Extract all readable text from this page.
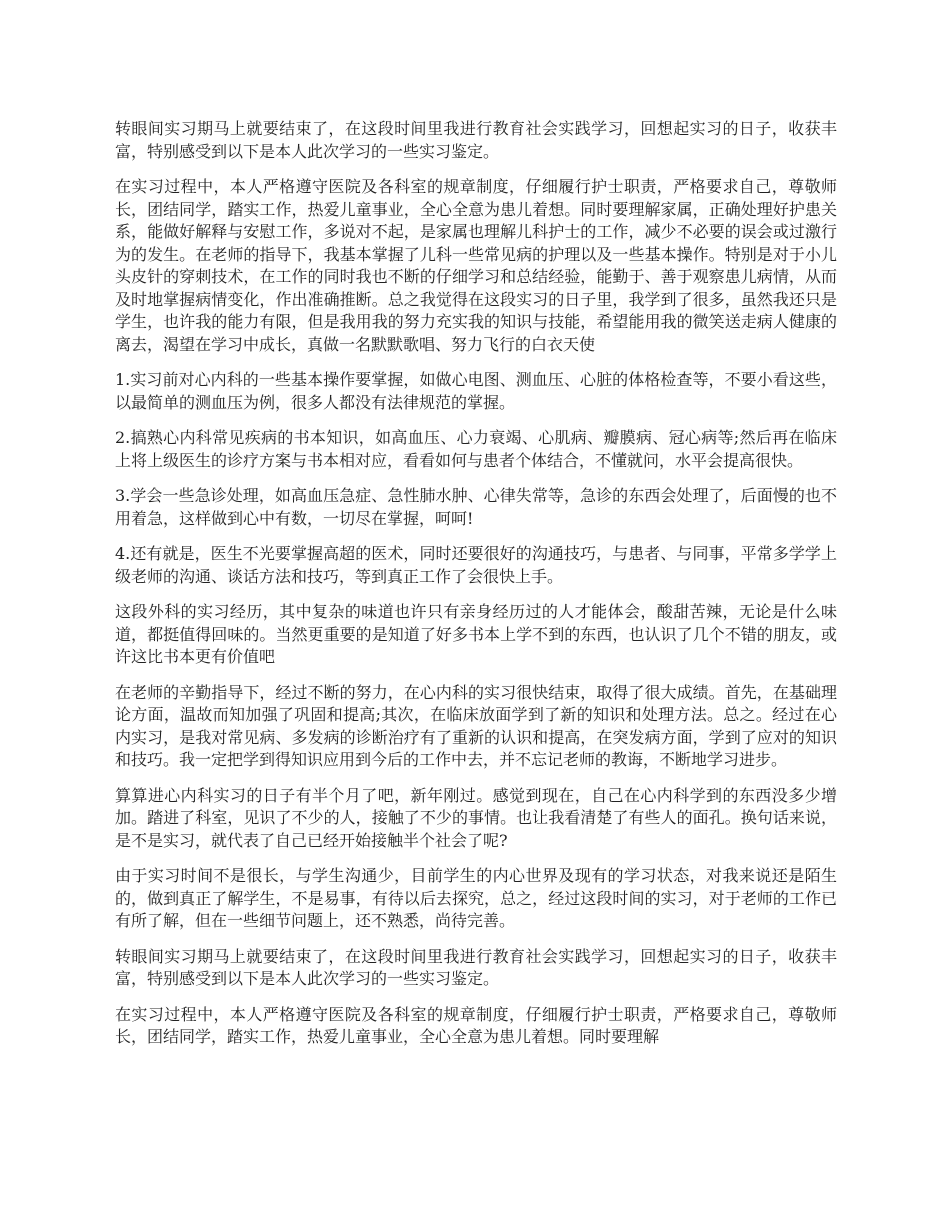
转眼间实习期马上就要结束了，在这段时间里我进行教育社会实践学习，回想起实习的日子，收获丰富，特别感受到以下是本人此次学习的一些实习鉴定。

在实习过程中，本人严格遵守医院及各科室的规章制度，仔细履行护士职责，严格要求自己，尊敬师长，团结同学，踏实工作，热爱儿童事业，全心全意为患儿着想。同时要理解家属，正确处理好护患关系，能做好解释与安慰工作，多说对不起，是家属也理解儿科护士的工作，减少不必要的误会或过激行为的发生。在老师的指导下，我基本掌握了儿科一些常见病的护理以及一些基本操作。特别是对于小儿头皮针的穿刺技术，在工作的同时我也不断的仔细学习和总结经验，能勤于、善于观察患儿病情，从而及时地掌握病情变化，作出准确推断。总之我觉得在这段实习的日子里，我学到了很多，虽然我还只是学生，也许我的能力有限，但是我用我的努力充实我的知识与技能，希望能用我的微笑送走病人健康的离去，渴望在学习中成长，真做一名默默歌唱、努力飞行的白衣天使

1.实习前对心内科的一些基本操作要掌握，如做心电图、测血压、心脏的体格检查等，不要小看这些，以最简单的测血压为例，很多人都没有法律规范的掌握。

2.搞熟心内科常见疾病的书本知识，如高血压、心力衰竭、心肌病、瓣膜病、冠心病等;然后再在临床上将上级医生的诊疗方案与书本相对应，看看如何与患者个体结合，不懂就问，水平会提高很快。

3.学会一些急诊处理，如高血压急症、急性肺水肿、心律失常等，急诊的东西会处理了，后面慢的也不用着急，这样做到心中有数，一切尽在掌握，呵呵!

4.还有就是，医生不光要掌握高超的医术，同时还要很好的沟通技巧，与患者、与同事，平常多学学上级老师的沟通、谈话方法和技巧，等到真正工作了会很快上手。

这段外科的实习经历，其中复杂的味道也许只有亲身经历过的人才能体会，酸甜苦辣，无论是什么味道，都挺值得回味的。当然更重要的是知道了好多书本上学不到的东西，也认识了几个不错的朋友，或许这比书本更有价值吧

在老师的辛勤指导下，经过不断的努力，在心内科的实习很快结束，取得了很大成绩。首先，在基础理论方面，温故而知加强了巩固和提高;其次，在临床放面学到了新的知识和处理方法。总之。经过在心内实习，是我对常见病、多发病的诊断治疗有了重新的认识和提高，在突发病方面，学到了应对的知识和技巧。我一定把学到得知识应用到今后的工作中去，并不忘记老师的教诲，不断地学习进步。

算算进心内科实习的日子有半个月了吧，新年刚过。感觉到现在，自己在心内科学到的东西没多少增加。踏进了科室，见识了不少的人，接触了不少的事情。也让我看清楚了有些人的面孔。换句话来说，是不是实习，就代表了自己已经开始接触半个社会了呢?

由于实习时间不是很长，与学生沟通少，目前学生的内心世界及现有的学习状态，对我来说还是陌生的，做到真正了解学生，不是易事，有待以后去探究，总之，经过这段时间的实习，对于老师的工作已有所了解，但在一些细节问题上，还不熟悉，尚待完善。

转眼间实习期马上就要结束了，在这段时间里我进行教育社会实践学习，回想起实习的日子，收获丰富，特别感受到以下是本人此次学习的一些实习鉴定。

在实习过程中，本人严格遵守医院及各科室的规章制度，仔细履行护士职责，严格要求自己，尊敬师长，团结同学，踏实工作，热爱儿童事业，全心全意为患儿着想。同时要理解
